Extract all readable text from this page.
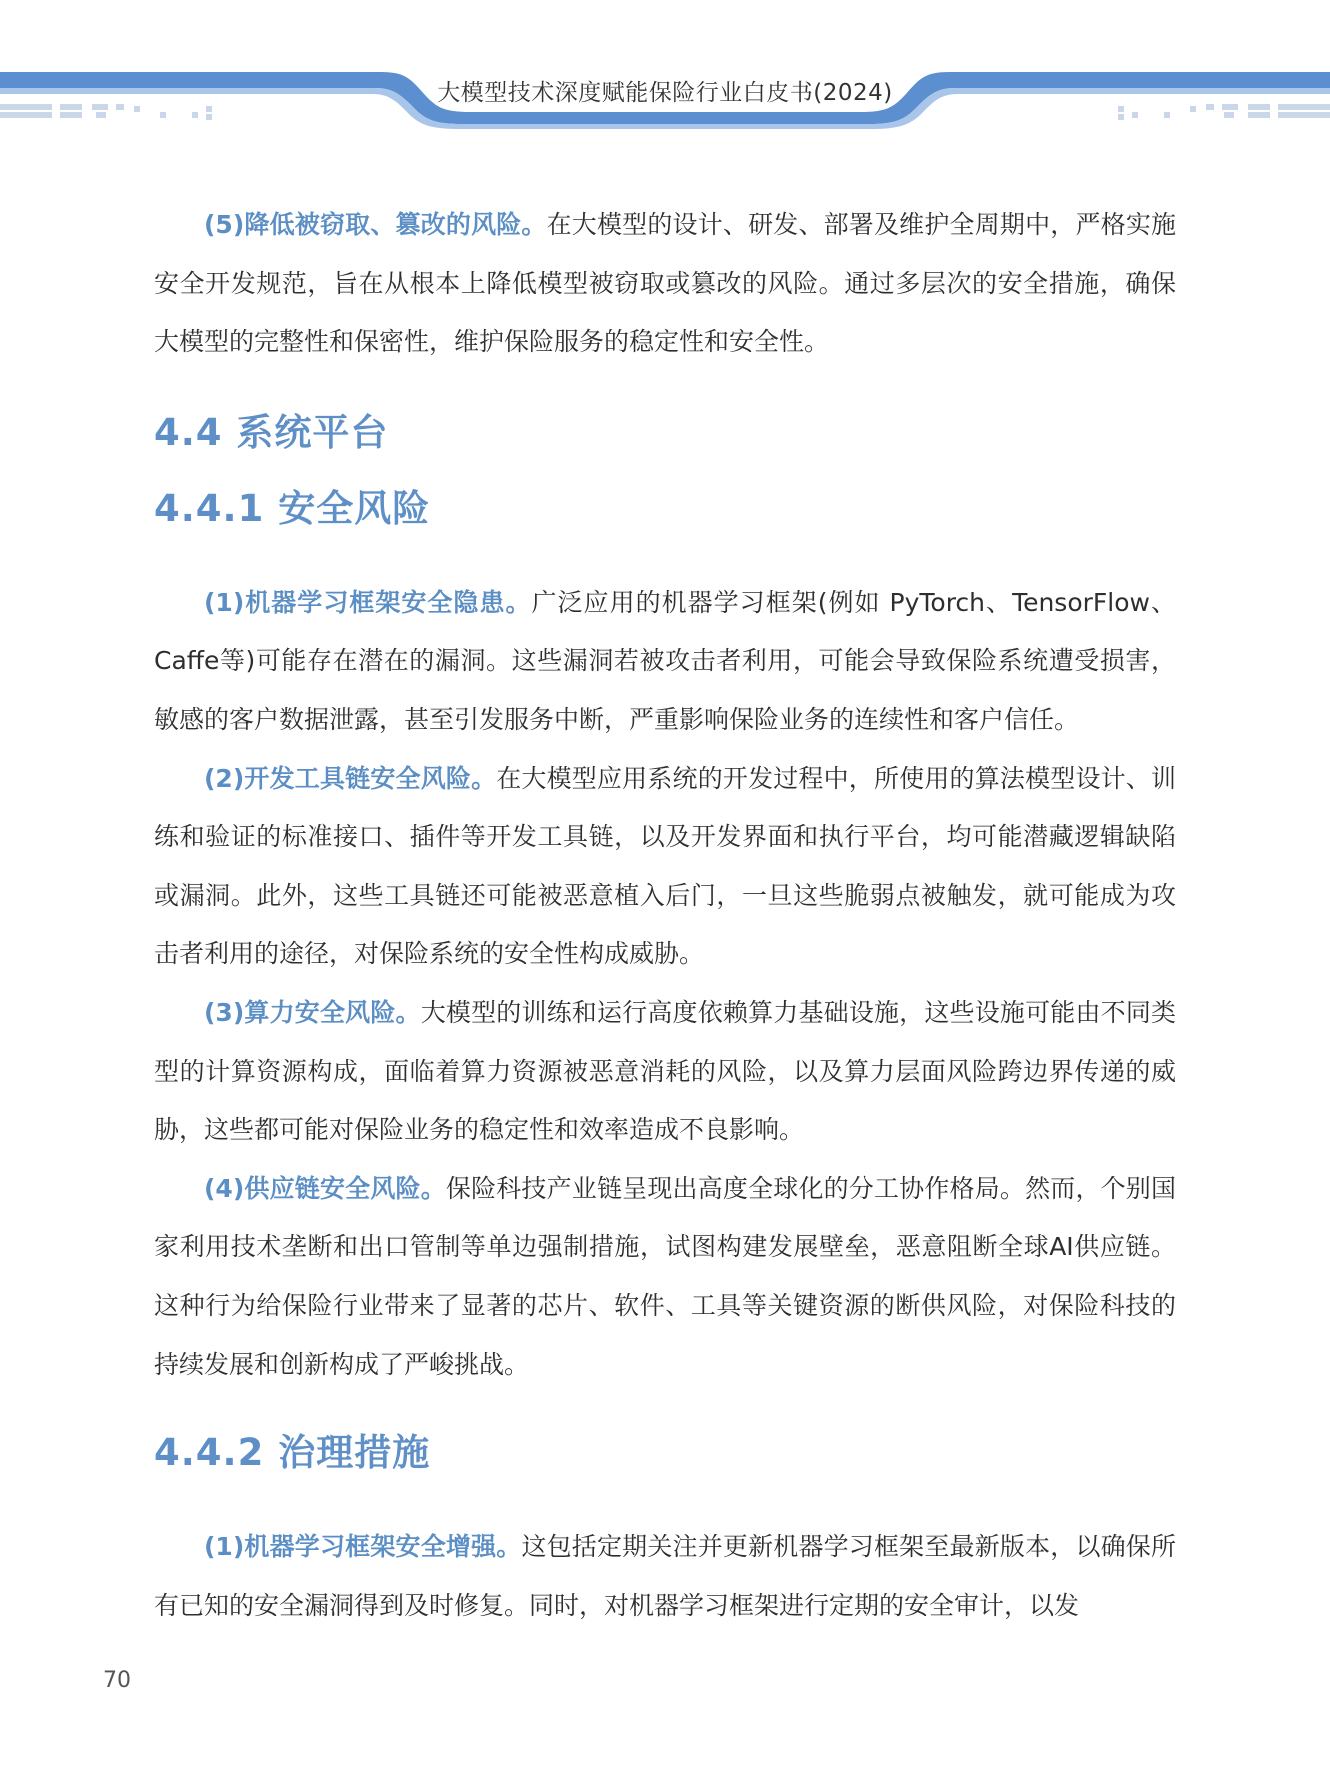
大模型技术深度赋能保险行业白皮书(2024)

(5)降低被窃取、篡改的风险。在大模型的设计、研发、部署及维护全周期中，严格实施安全开发规范，旨在从根本上降低模型被窃取或篡改的风险。通过多层次的安全措施，确保大模型的完整性和保密性，维护保险服务的稳定性和安全性。

4.4 系统平台
4.4.1 安全风险

(1)机器学习框架安全隐患。广泛应用的机器学习框架(例如 PyTorch、TensorFlow、Caffe等)可能存在潜在的漏洞。这些漏洞若被攻击者利用，可能会导致保险系统遭受损害，敏感的客户数据泄露，甚至引发服务中断，严重影响保险业务的连续性和客户信任。

(2)开发工具链安全风险。在大模型应用系统的开发过程中，所使用的算法模型设计、训练和验证的标准接口、插件等开发工具链，以及开发界面和执行平台，均可能潜藏逻辑缺陷或漏洞。此外，这些工具链还可能被恶意植入后门，一旦这些脆弱点被触发，就可能成为攻击者利用的途径，对保险系统的安全性构成威胁。

(3)算力安全风险。大模型的训练和运行高度依赖算力基础设施，这些设施可能由不同类型的计算资源构成，面临着算力资源被恶意消耗的风险，以及算力层面风险跨边界传递的威胁，这些都可能对保险业务的稳定性和效率造成不良影响。

(4)供应链安全风险。保险科技产业链呈现出高度全球化的分工协作格局。然而，个别国家利用技术垄断和出口管制等单边强制措施，试图构建发展壁垒，恶意阻断全球AI供应链。这种行为给保险行业带来了显著的芯片、软件、工具等关键资源的断供风险，对保险科技的持续发展和创新构成了严峻挑战。

4.4.2 治理措施

(1)机器学习框架安全增强。这包括定期关注并更新机器学习框架至最新版本，以确保所有已知的安全漏洞得到及时修复。同时，对机器学习框架进行定期的安全审计，以发

70
